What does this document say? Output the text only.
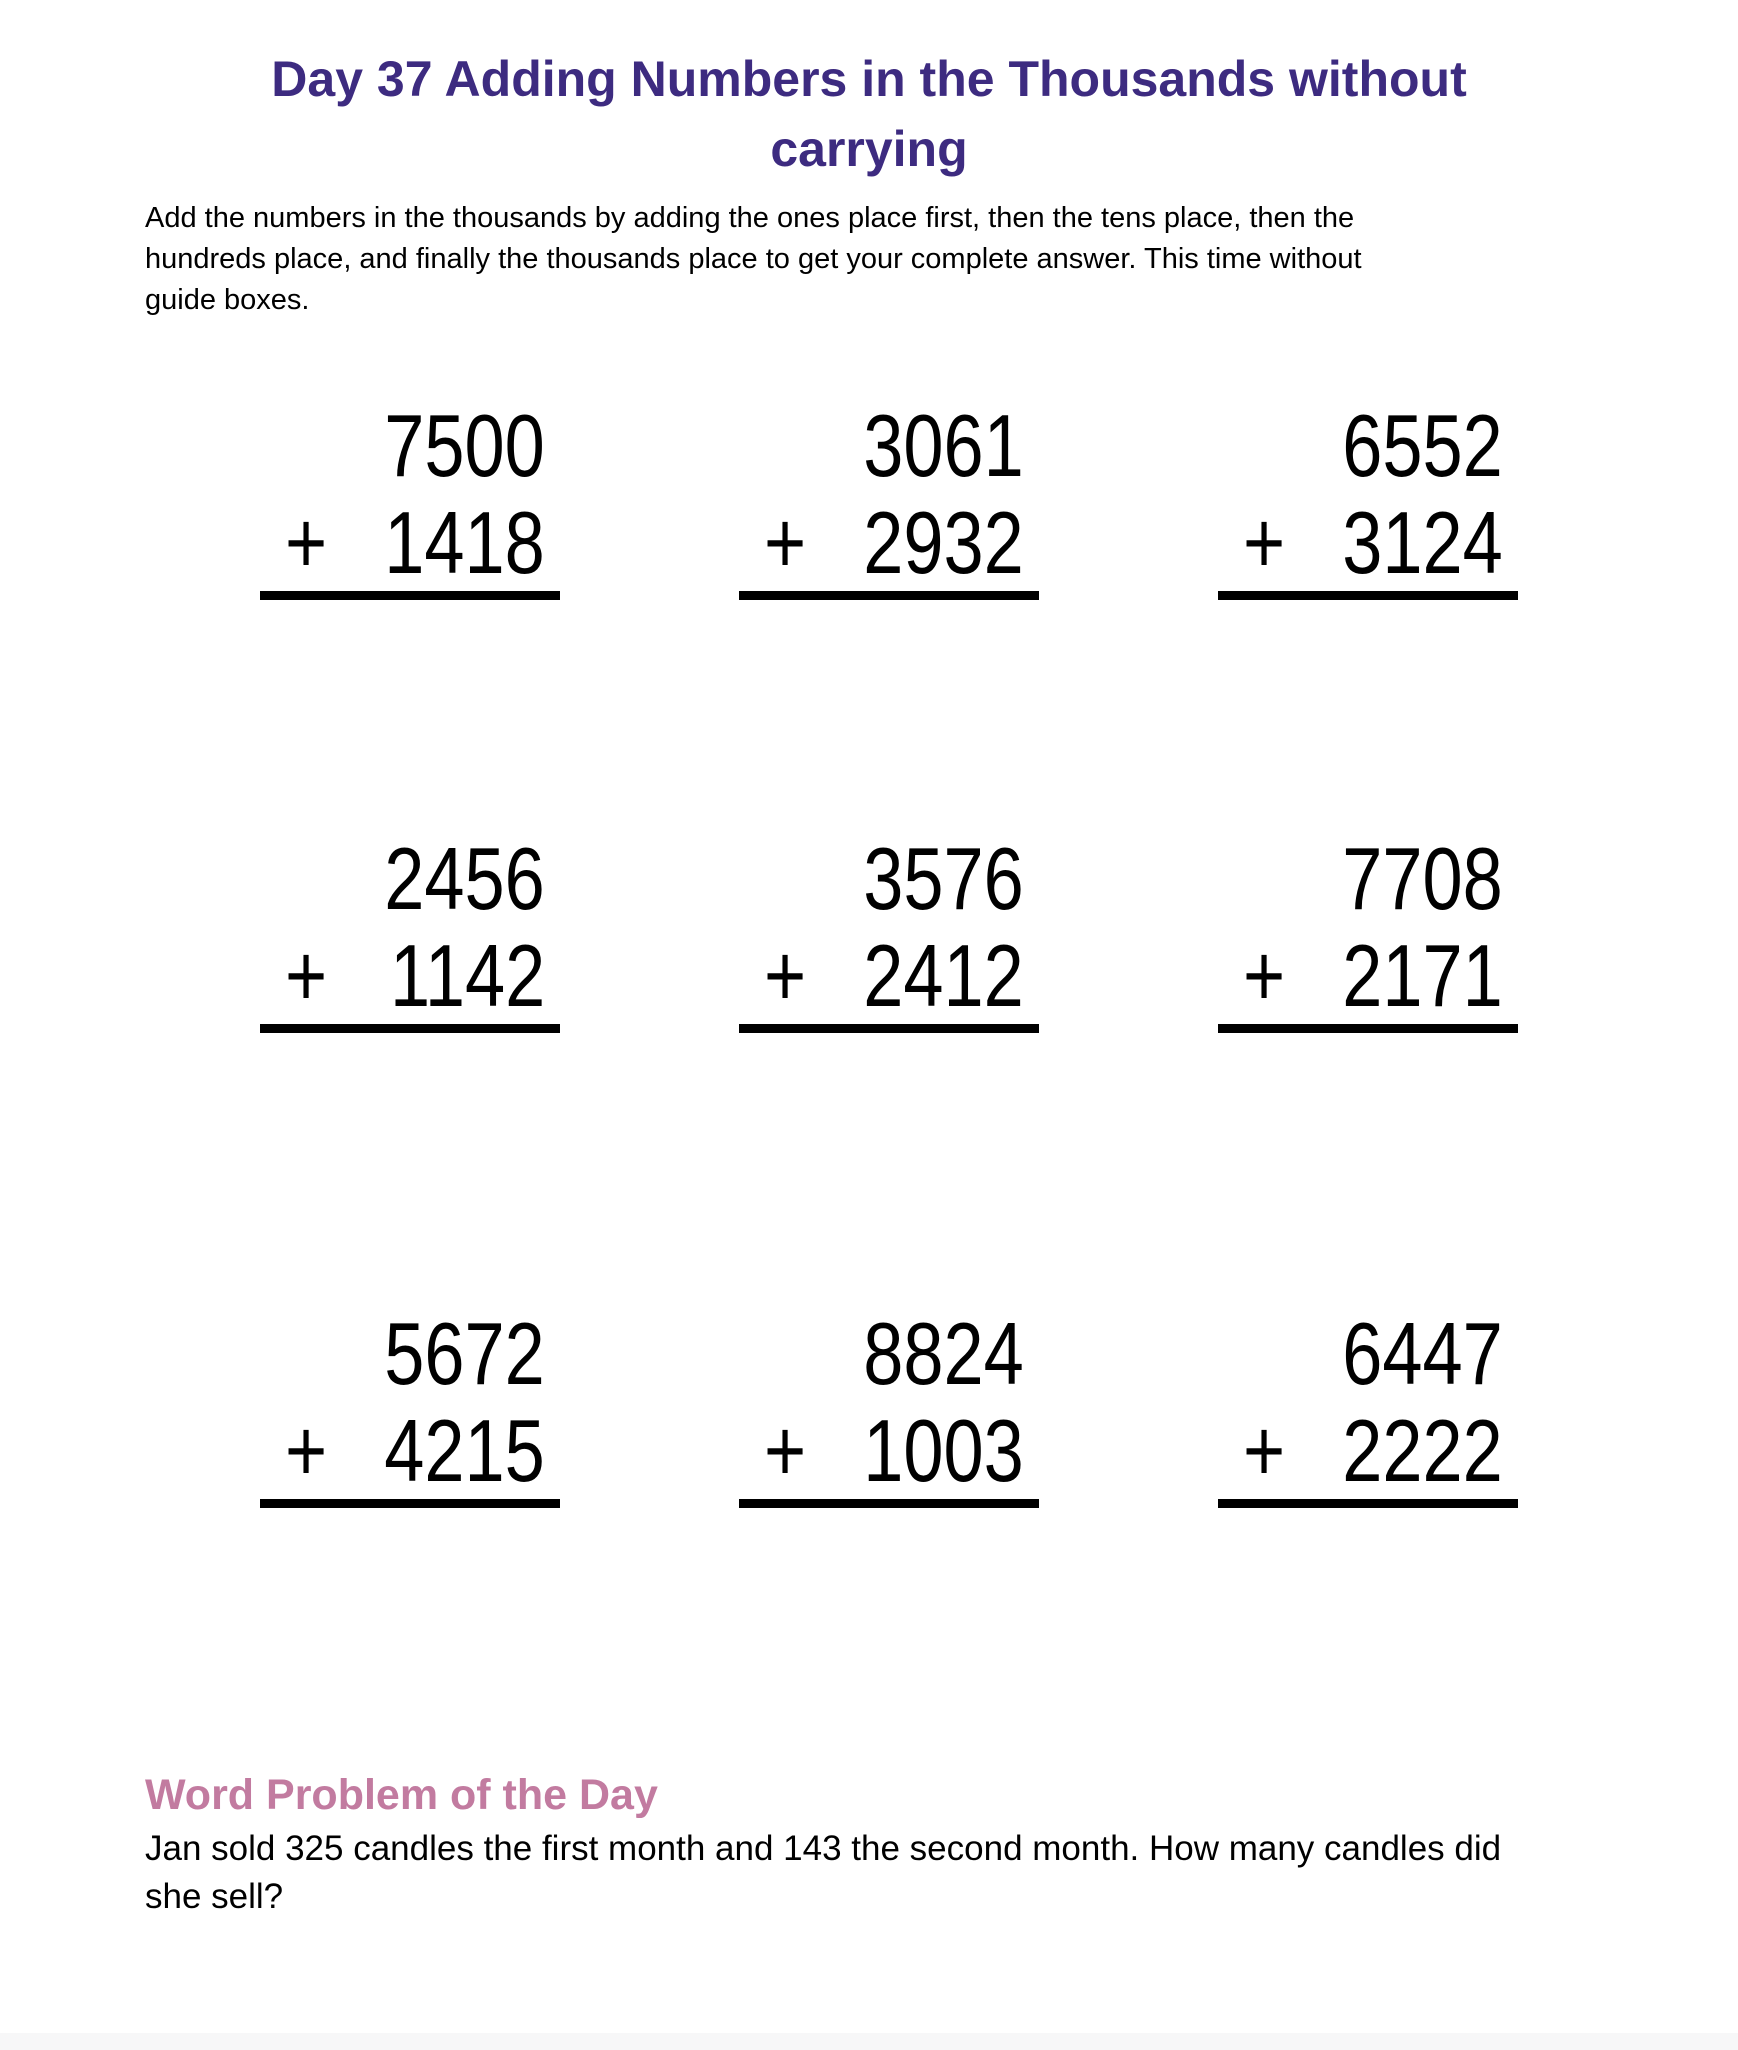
Day 37 Adding Numbers in the Thousands without
carrying

Add the numbers in the thousands by adding the ones place first, then the tens place, then the
hundreds place, and finally the thousands place to get your complete answer. This time without
guide boxes.

7500
+ 1418
3061
+ 2932
6552
+ 3124
2456
+ 1142
3576
+ 2412
7708
+ 2171
5672
+ 4215
8824
+ 1003
6447
+ 2222
Word Problem of the Day

Jan sold 325 candles the first month and 143 the second month. How many candles did
she sell?
